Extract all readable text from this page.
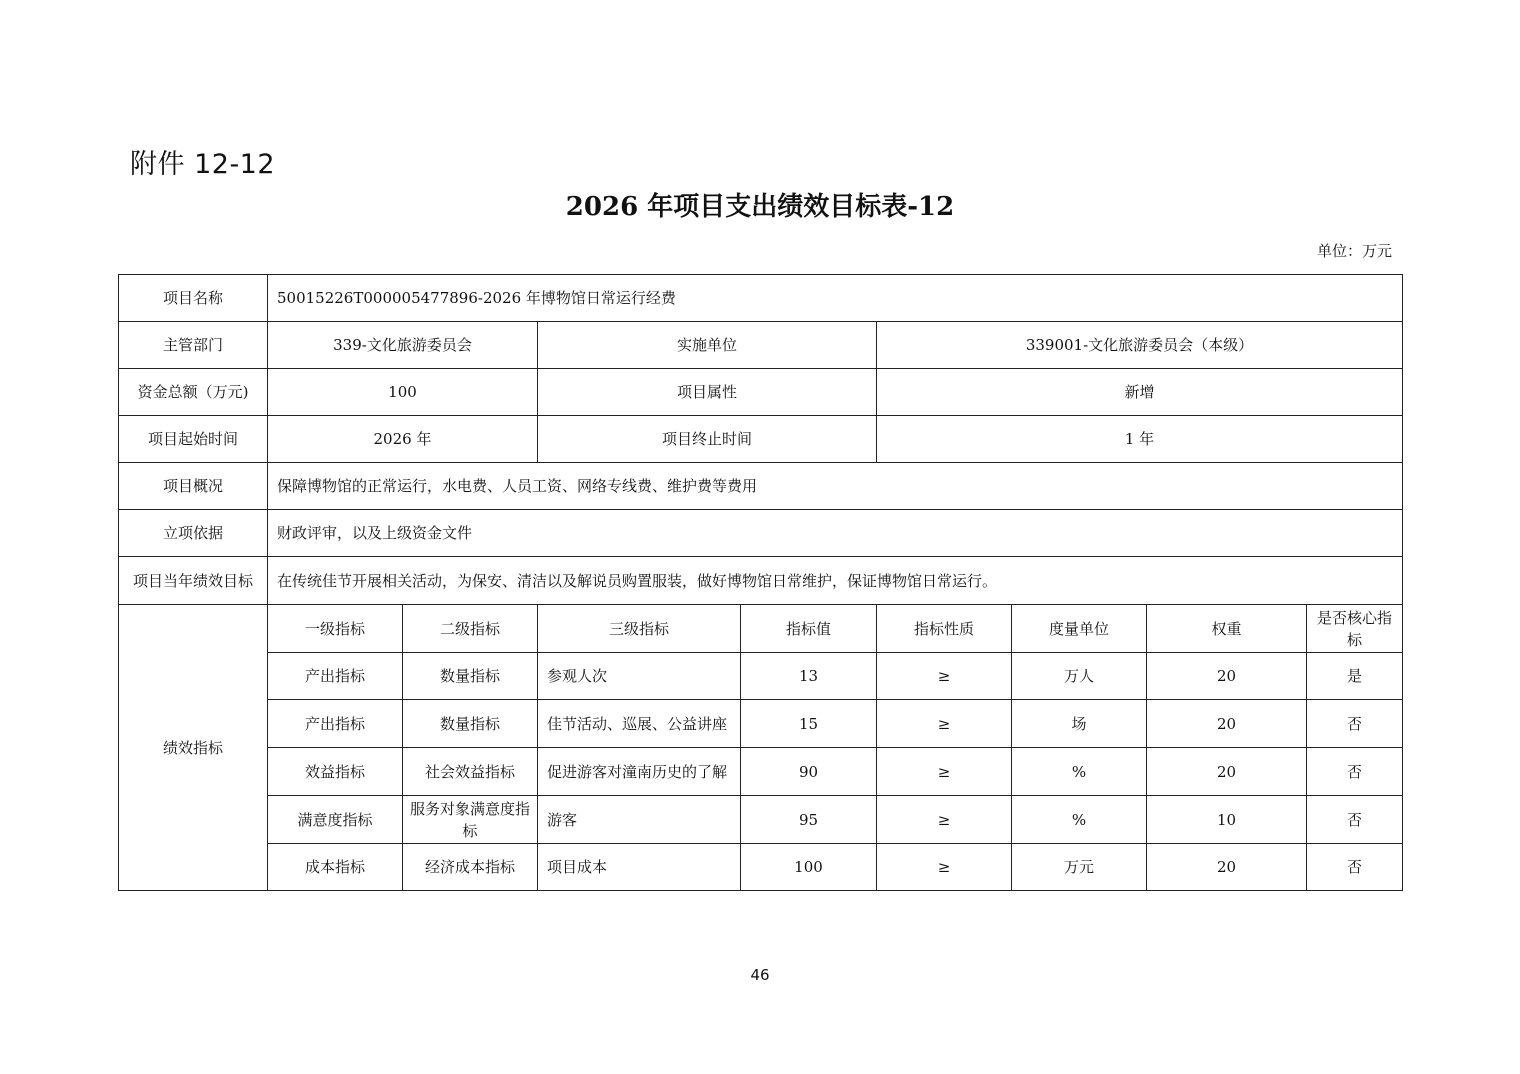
附件 12-12
2026 年项目支出绩效目标表-12
单位：万元
项目名称	50015226T000005477896-2026 年博物馆日常运行经费							
主管部门	339-文化旅游委员会		实施单位		339001-文化旅游委员会（本级）			
资金总额（万元)	100		项目属性		新增			
项目起始时间	2026 年		项目终止时间		1 年			
项目概况	保障博物馆的正常运行，水电费、人员工资、网络专线费、维护费等费用							
立项依据	财政评审，以及上级资金文件							
项目当年绩效目标	在传统佳节开展相关活动，为保安、清洁以及解说员购置服装，做好博物馆日常维护，保证博物馆日常运行。							
绩效指标	一级指标	二级指标	三级指标	指标值	指标性质	度量单位	权重	是否核心指标
	产出指标	数量指标	参观人次	13	≥	万人	20	是
	产出指标	数量指标	佳节活动、巡展、公益讲座	15	≥	场	20	否
	效益指标	社会效益指标	促进游客对潼南历史的了解	90	≥	%	20	否
	满意度指标	服务对象满意度指标	游客	95	≥	%	10	否
	成本指标	经济成本指标	项目成本	100	≥	万元	20	否
46
